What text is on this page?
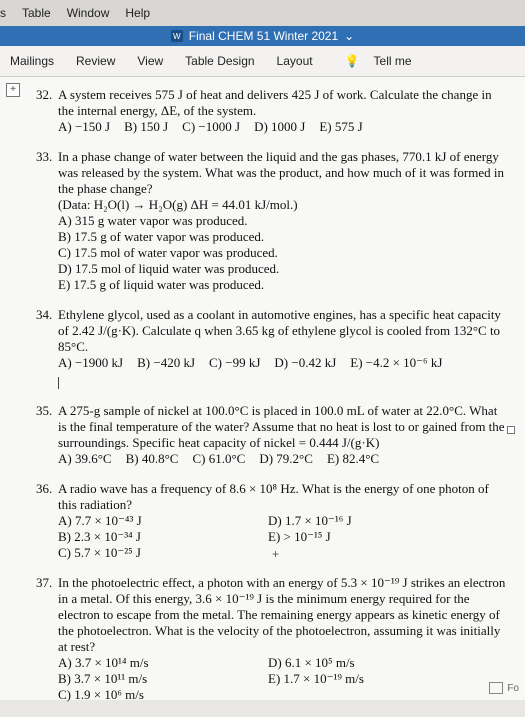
s Table Window Help
W Final CHEM 51 Winter 2021 ⌄
Mailings Review View Table Design Layout	💡 Tell me
+	32. A system receives 575 J of heat and delivers 425 J of work. Calculate the change in the internal energy, ΔE, of the system.
A) −150 J B) 150 J C) −1000 J D) 1000 J E) 575 J
33. In a phase change of water between the liquid and the gas phases, 770.1 kJ of energy was released by the system. What was the product, and how much of it was formed in the phase change?
(Data: H₂O(l) → H₂O(g) ΔH = 44.01 kJ/mol.)
A) 315 g water vapor was produced.
B) 17.5 g of water vapor was produced.
C) 17.5 mol of water vapor was produced.
D) 17.5 mol of liquid water was produced.
E) 17.5 g of liquid water was produced.
34. Ethylene glycol, used as a coolant in automotive engines, has a specific heat capacity of 2.42 J/(g·K). Calculate q when 3.65 kg of ethylene glycol is cooled from 132°C to 85°C.
A) −1900 kJ B) −420 kJ C) −99 kJ D) −0.42 kJ E) −4.2 × 10⁻⁶ kJ
35. A 275-g sample of nickel at 100.0°C is placed in 100.0 mL of water at 22.0°C. What is the final temperature of the water? Assume that no heat is lost to or gained from the surroundings. Specific heat capacity of nickel = 0.444 J/(g·K)
A) 39.6°C B) 40.8°C C) 61.0°C D) 79.2°C E) 82.4°C
36. A radio wave has a frequency of 8.6 × 10⁸ Hz. What is the energy of one photon of this radiation?
A) 7.7 × 10⁻⁴³ J
B) 2.3 × 10⁻³⁴ J
C) 5.7 × 10⁻²⁵ J
D) 1.7 × 10⁻¹⁶ J
E) > 10⁻¹⁵ J
37. In the photoelectric effect, a photon with an energy of 5.3 × 10⁻¹⁹ J strikes an electron in a metal. Of this energy, 3.6 × 10⁻¹⁹ J is the minimum energy required for the electron to escape from the metal. The remaining energy appears as kinetic energy of the photoelectron. What is the velocity of the photoelectron, assuming it was initially at rest?
A) 3.7 × 10¹⁴ m/s
B) 3.7 × 10¹¹ m/s
C) 1.9 × 10⁶ m/s
D) 6.1 × 10⁵ m/s
E) 1.7 × 10⁻¹⁹ m/s
+
Fo
